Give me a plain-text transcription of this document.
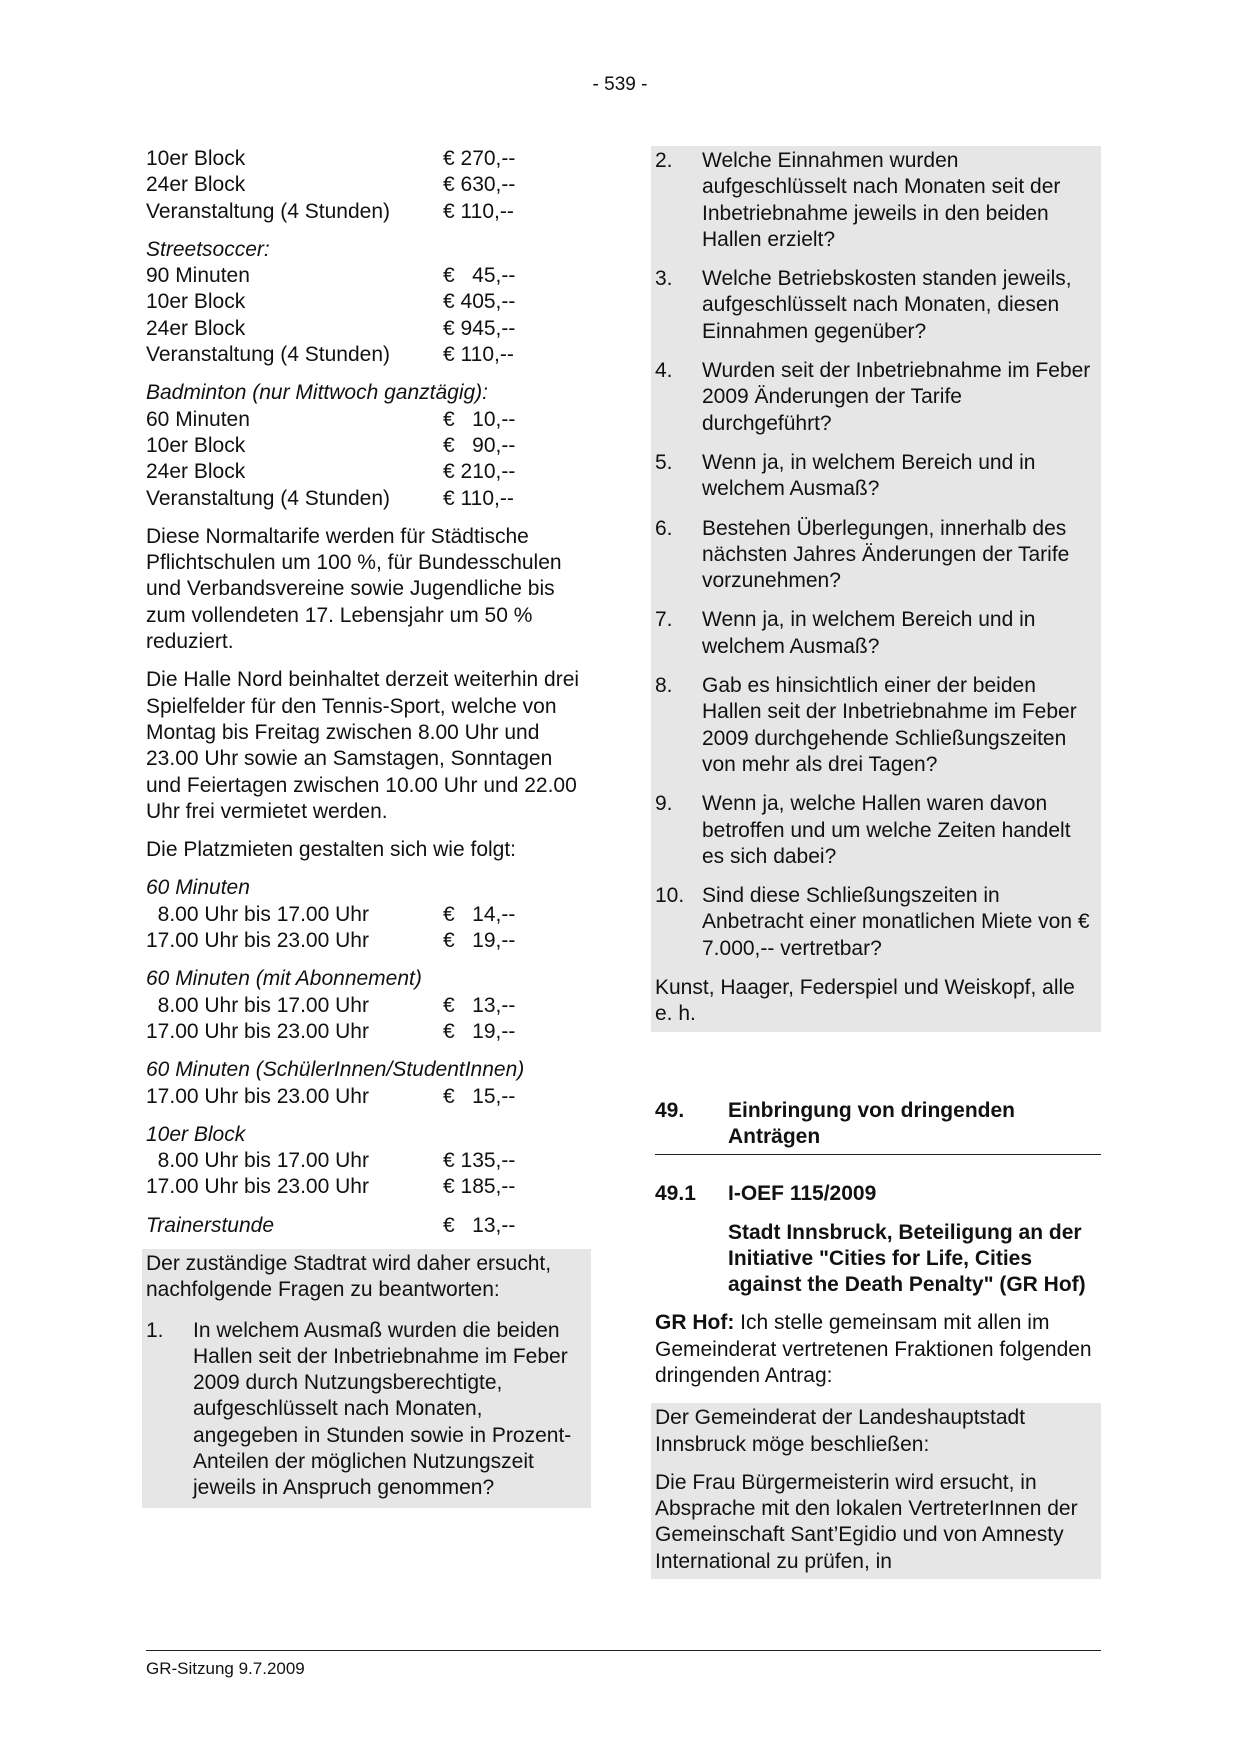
- 539 -
10er Block	€ 270,--
24er Block	€ 630,--
Veranstaltung (4 Stunden)	€ 110,--
Streetsoccer:
90 Minuten	€   45,--
10er Block	€ 405,--
24er Block	€ 945,--
Veranstaltung (4 Stunden)	€ 110,--
Badminton (nur Mittwoch ganztägig):
60 Minuten	€   10,--
10er Block	€   90,--
24er Block	€ 210,--
Veranstaltung (4 Stunden)	€ 110,--

Diese Normaltarife werden für Städtische Pflichtschulen um 100 %, für Bundesschulen und Verbandsvereine sowie Jugendliche bis zum vollendeten 17. Lebensjahr um 50 % reduziert.

Die Halle Nord beinhaltet derzeit weiterhin drei Spielfelder für den Tennis-Sport, welche von Montag bis Freitag zwischen 8.00 Uhr und 23.00 Uhr sowie an Samstagen, Sonntagen und Feiertagen zwischen 10.00 Uhr und 22.00 Uhr frei vermietet werden.

Die Platzmieten gestalten sich wie folgt:

60 Minuten
8.00 Uhr bis 17.00 Uhr	€   14,--
17.00 Uhr bis 23.00 Uhr	€   19,--
60 Minuten (mit Abonnement)
8.00 Uhr bis 17.00 Uhr	€   13,--
17.00 Uhr bis 23.00 Uhr	€   19,--
60 Minuten (SchülerInnen/StudentInnen)
17.00 Uhr bis 23.00 Uhr	€   15,--
10er Block
8.00 Uhr bis 17.00 Uhr	€ 135,--
17.00 Uhr bis 23.00 Uhr	€ 185,--
Trainerstunde	€   13,--

Der zuständige Stadtrat wird daher ersucht, nachfolgende Fragen zu beantworten:

1.	In welchem Ausmaß wurden die beiden Hallen seit der Inbetriebnahme im Feber 2009 durch Nutzungsberechtigte, aufgeschlüsselt nach Monaten, angegeben in Stunden sowie in Prozent-Anteilen der möglichen Nutzungszeit jeweils in Anspruch genommen?
2.	Welche Einnahmen wurden aufgeschlüsselt nach Monaten seit der Inbetriebnahme jeweils in den beiden Hallen erzielt?
3.	Welche Betriebskosten standen jeweils, aufgeschlüsselt nach Monaten, diesen Einnahmen gegenüber?
4.	Wurden seit der Inbetriebnahme im Feber 2009 Änderungen der Tarife durchgeführt?
5.	Wenn ja, in welchem Bereich und in welchem Ausmaß?
6.	Bestehen Überlegungen, innerhalb des nächsten Jahres Änderungen der Tarife vorzunehmen?
7.	Wenn ja, in welchem Bereich und in welchem Ausmaß?
8.	Gab es hinsichtlich einer der beiden Hallen seit der Inbetriebnahme im Feber 2009 durchgehende Schließungszeiten von mehr als drei Tagen?
9.	Wenn ja, welche Hallen waren davon betroffen und um welche Zeiten handelt es sich dabei?
10. Sind diese Schließungszeiten in Anbetracht einer monatlichen Miete von € 7.000,-- vertretbar?
Kunst, Haager, Federspiel und Weiskopf, alle e. h.
49.	Einbringung von dringenden Anträgen
49.1	I-OEF 115/2009
Stadt Innsbruck, Beteiligung an der Initiative "Cities for Life, Cities against the Death Penalty" (GR Hof)

GR Hof: Ich stelle gemeinsam mit allen im Gemeinderat vertretenen Fraktionen folgenden dringenden Antrag:

Der Gemeinderat der Landeshauptstadt Innsbruck möge beschließen:

Die Frau Bürgermeisterin wird ersucht, in Absprache mit den lokalen VertreterInnen der Gemeinschaft Sant’Egidio und von Amnesty International zu prüfen, in

GR-Sitzung 9.7.2009
